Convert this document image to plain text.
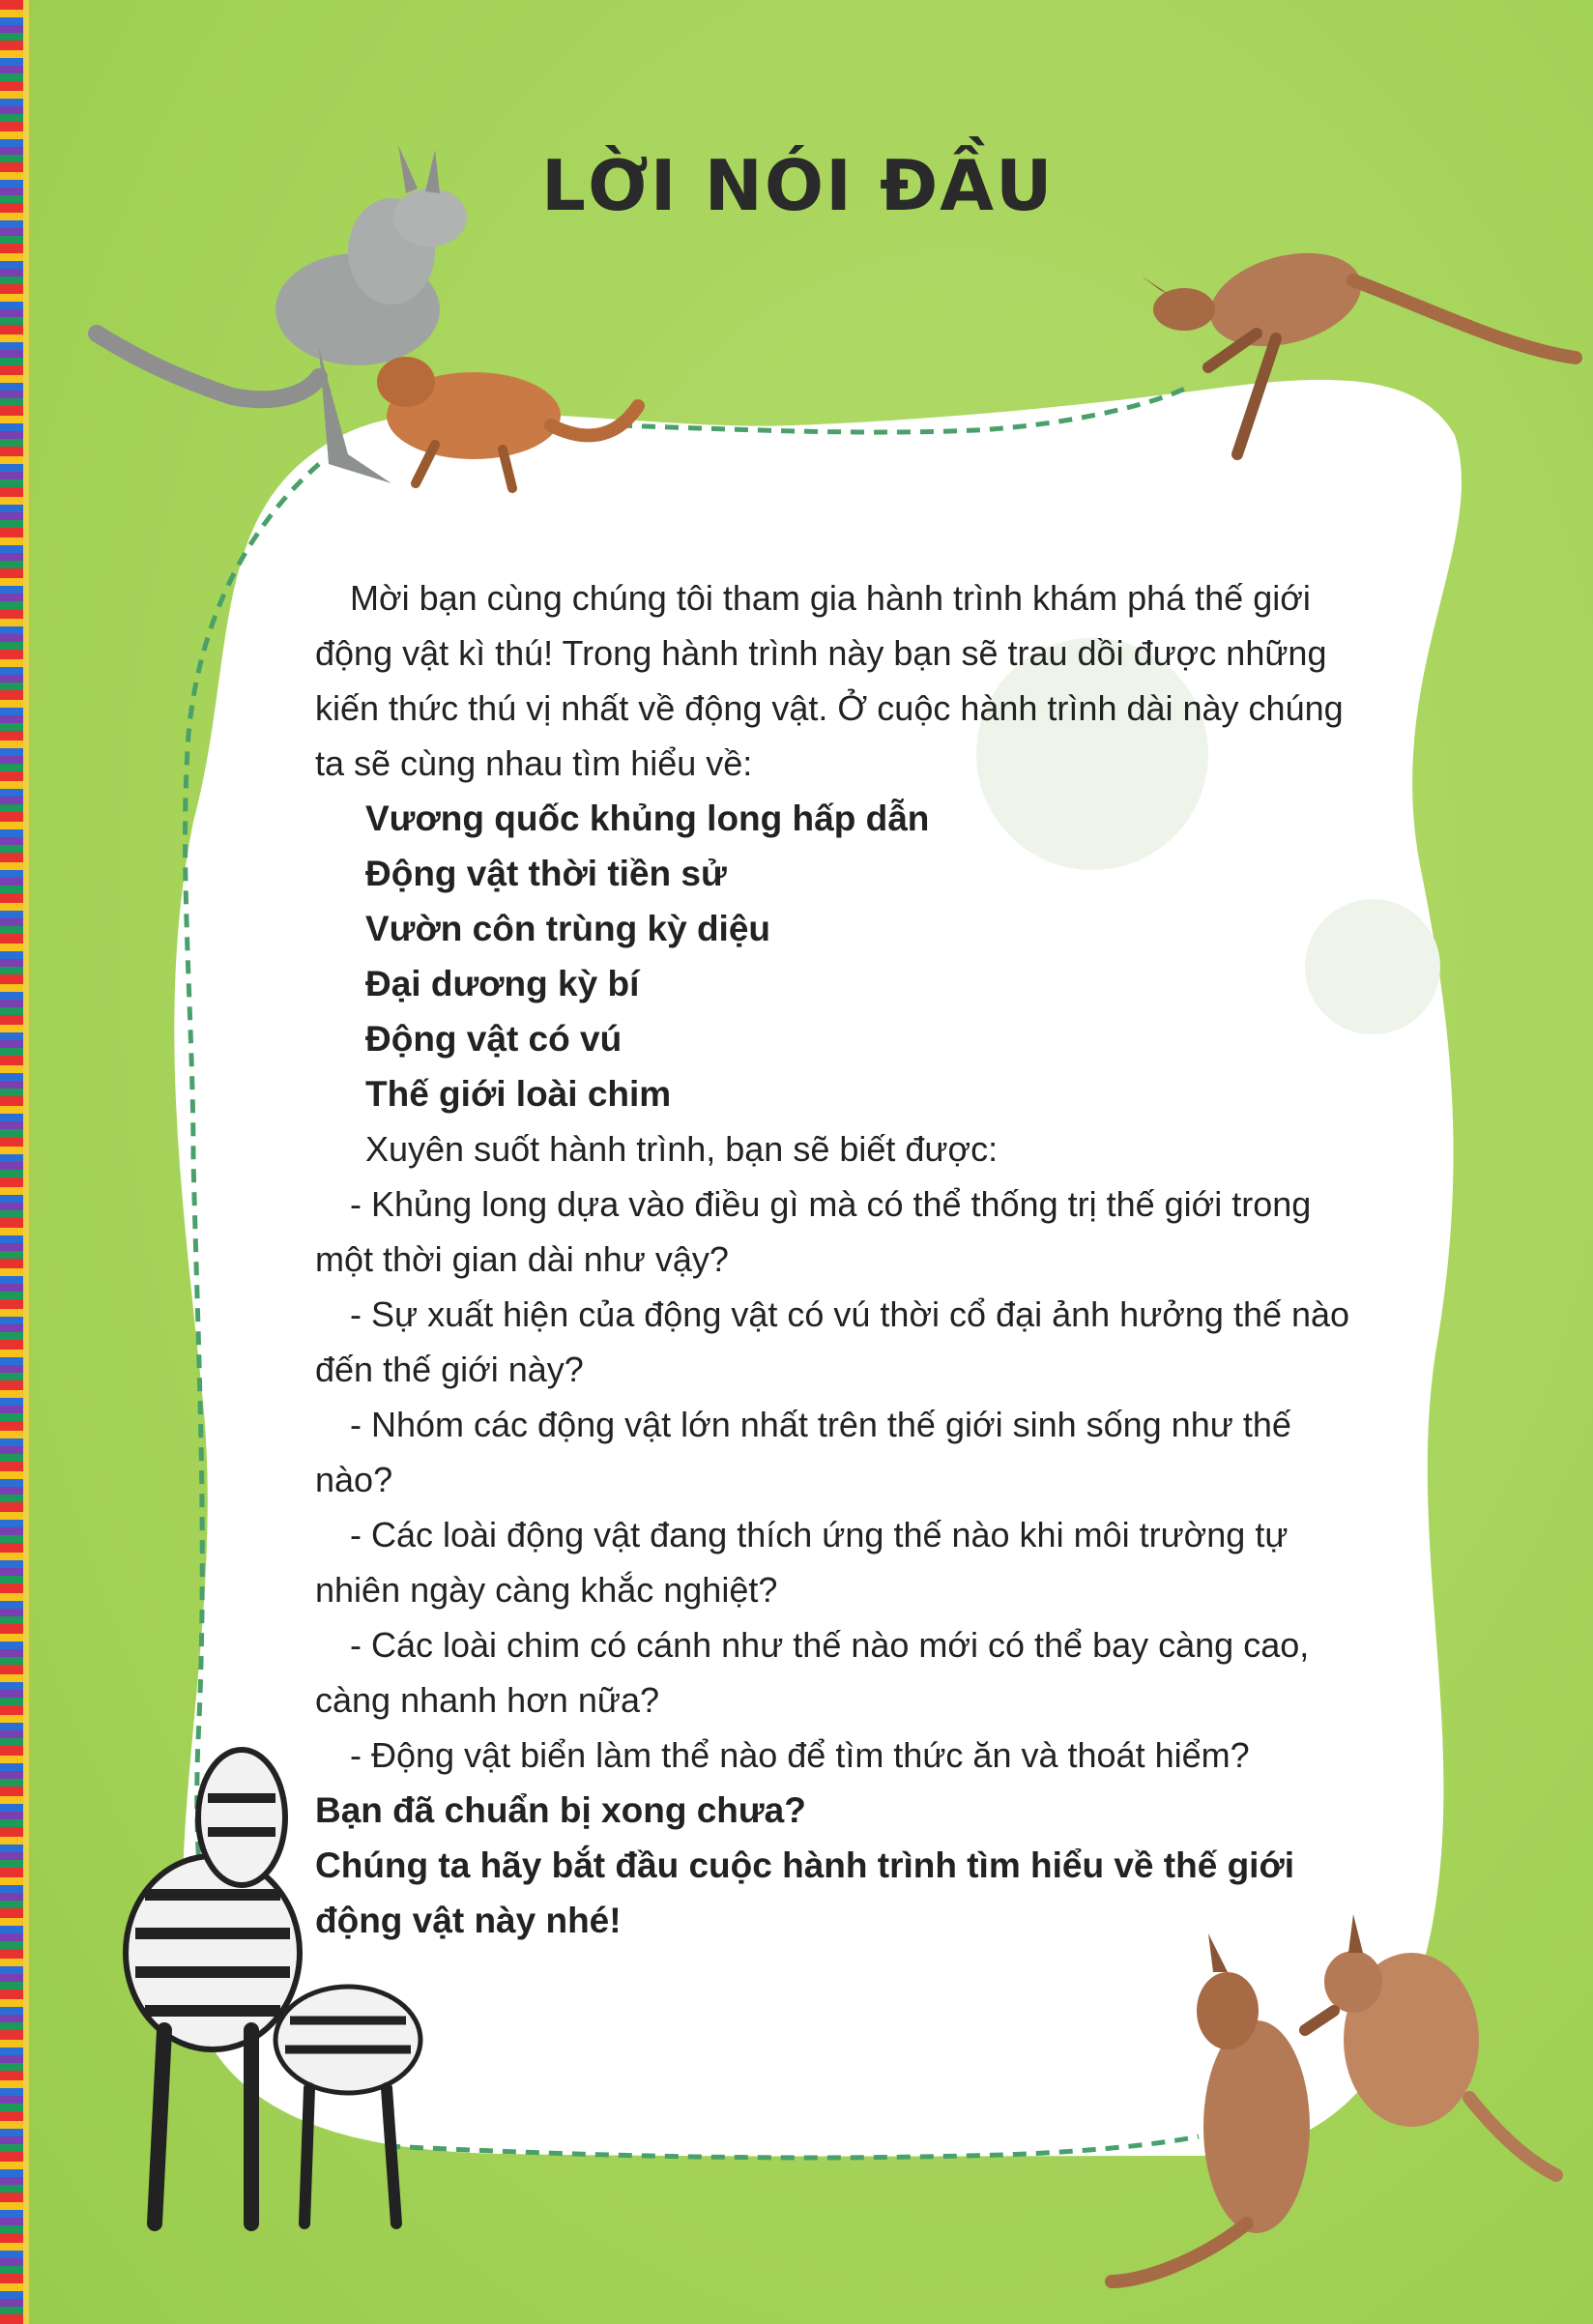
LỜI NÓI ĐẦU

Mời bạn cùng chúng tôi tham gia hành trình khám phá thế giới động vật kì thú! Trong hành trình này bạn sẽ trau dồi được những kiến thức thú vị nhất về động vật. Ở cuộc hành trình dài này chúng ta sẽ cùng nhau tìm hiểu về:

Vương quốc khủng long hấp dẫn
Động vật thời tiền sử
Vườn côn trùng kỳ diệu
Đại dương kỳ bí
Động vật có vú
Thế giới loài chim

Xuyên suốt hành trình, bạn sẽ biết được:

- Khủng long dựa vào điều gì mà có thể thống trị thế giới trong một thời gian dài như vậy?

- Sự xuất hiện của động vật có vú thời cổ đại ảnh hưởng thế nào đến thế giới này?

- Nhóm các động vật lớn nhất trên thế giới sinh sống như thế nào?

- Các loài động vật đang thích ứng thế nào khi môi trường tự nhiên ngày càng khắc nghiệt?

- Các loài chim có cánh như thế nào mới có thể bay càng cao, càng nhanh hơn nữa?

- Động vật biển làm thể nào để tìm thức ăn và thoát hiểm?

Bạn đã chuẩn bị xong chưa?

Chúng ta hãy bắt đầu cuộc hành trình tìm hiểu về thế giới động vật này nhé!
